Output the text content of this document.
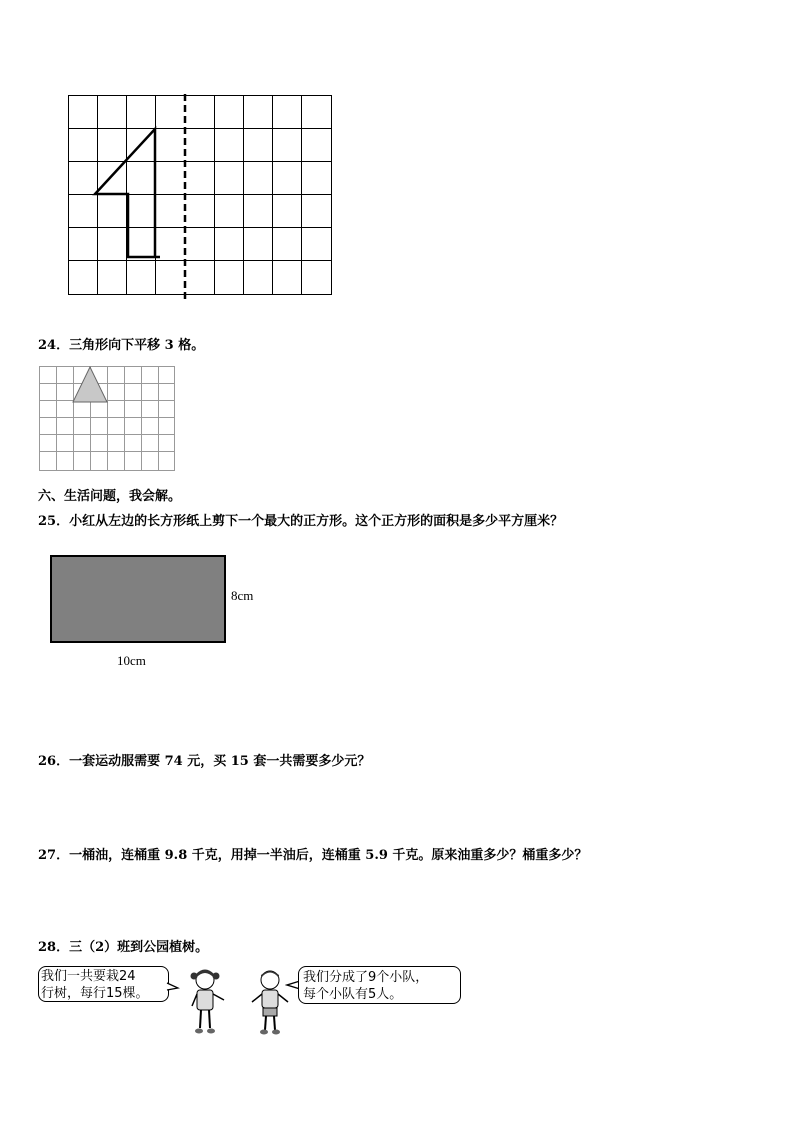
24．三角形向下平移 3 格。
六、生活问题，我会解。
25．小红从左边的长方形纸上剪下一个最大的正方形。这个正方形的面积是多少平方厘米？
8cm
10cm
26．一套运动服需要 74 元，买 15 套一共需要多少元？
27．一桶油，连桶重 9.8 千克，用掉一半油后，连桶重 5.9 千克。原来油重多少？桶重多少？
28．三（2）班到公园植树。
我们一共要栽24
行树，每行15棵。
我们分成了9个小队，
每个小队有5人。
